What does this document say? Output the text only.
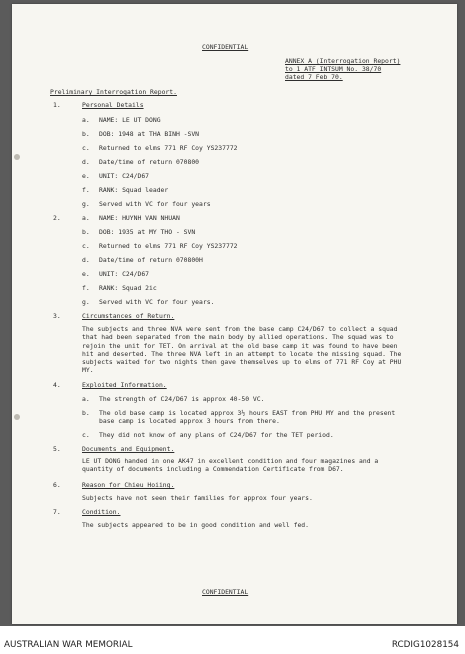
CONFIDENTIAL
ANNEX A (Interrogation Report)
to 1 ATF INTSUM No. 38/70
dated 7 Feb 70.
Preliminary Interrogation Report.
1.	Personal Details
a. NAME: LE UT DONG
b. DOB: 1948 at THA BINH -SVN
c. Returned to elms 771 RF Coy YS237772
d. Date/time of return 070800
e. UNIT: C24/D67
f. RANK: Squad leader
g. Served with VC for four years
2.	a. NAME: HUYNH VAN NHUAN
b. DOB: 1935 at MY THO - SVN
c. Returned to elms 771 RF Coy YS237772
d. Date/time of return 070800H
e. UNIT: C24/D67
f. RANK: Squad 2ic
g. Served with VC for four years.
3.	Circumstances of Return.
The subjects and three NVA were sent from the base camp C24/D67 to collect a squad that had been separated from the main body by allied operations. The squad was to rejoin the unit for TET. On arrival at the old base camp it was found to have been hit and deserted. The three NVA left in an attempt to locate the missing squad. The subjects waited for two nights then gave themselves up to elms of 771 RF Coy at PHU MY.
4.	Exploited Information.
a. The strength of C24/D67 is approx 40-50 VC.
b. The old base camp is located approx 3½ hours EAST from PHU MY and the present base camp is located approx 3 hours from there.
c. They did not know of any plans of C24/D67 for the TET period.
5.	Documents and Equipment.
LE UT DONG handed in one AK47 in excellent condition and four magazines and a quantity of documents including a Commendation Certificate from D67.
6.	Reason for Chieu Hoiing.
Subjects have not seen their families for approx four years.
7.	Condition.
The subjects appeared to be in good condition and well fed.
CONFIDENTIAL
AUSTRALIAN WAR MEMORIAL	RCDIG1028154
